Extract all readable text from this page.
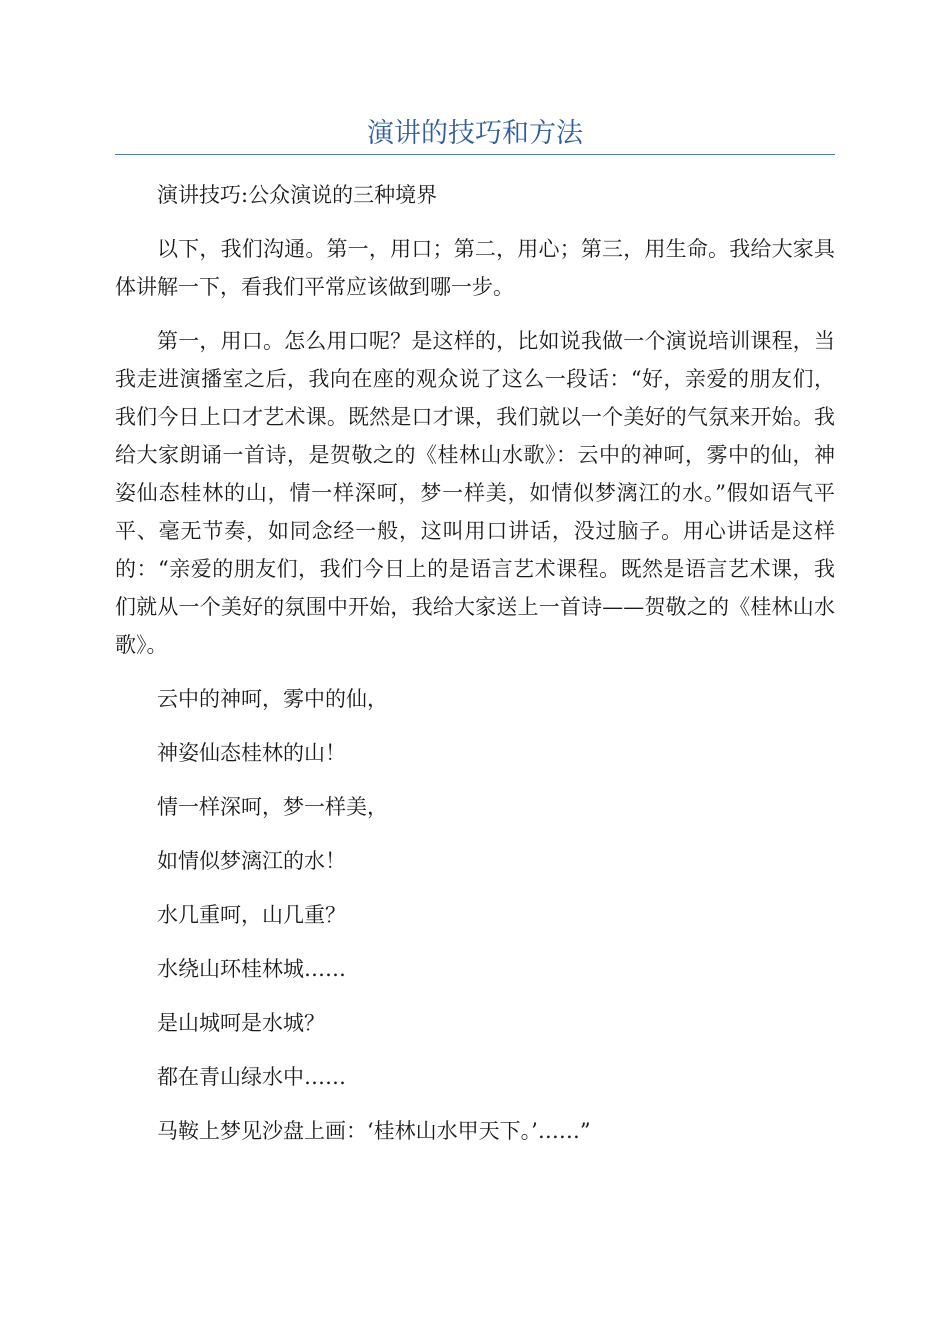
演讲的技巧和方法

演讲技巧:公众演说的三种境界

以下，我们沟通。第一，用口；第二，用心；第三，用生命。我给大家具体讲解一下，看我们平常应该做到哪一步。

第一，用口。怎么用口呢？是这样的，比如说我做一个演说培训课程，当我走进演播室之后，我向在座的观众说了这么一段话：“好，亲爱的朋友们，我们今日上口才艺术课。既然是口才课，我们就以一个美好的气氛来开始。我给大家朗诵一首诗，是贺敬之的《桂林山水歌》：云中的神呵，雾中的仙，神姿仙态桂林的山，情一样深呵，梦一样美，如情似梦漓江的水。”假如语气平平、毫无节奏，如同念经一般，这叫用口讲话，没过脑子。用心讲话是这样的：“亲爱的朋友们，我们今日上的是语言艺术课程。既然是语言艺术课，我们就从一个美好的氛围中开始，我给大家送上一首诗——贺敬之的《桂林山水歌》。

云中的神呵，雾中的仙，

神姿仙态桂林的山！

情一样深呵，梦一样美，

如情似梦漓江的水！

水几重呵，山几重？

水绕山环桂林城……

是山城呵是水城？

都在青山绿水中……

马鞍上梦见沙盘上画：‘桂林山水甲天下。’……”
